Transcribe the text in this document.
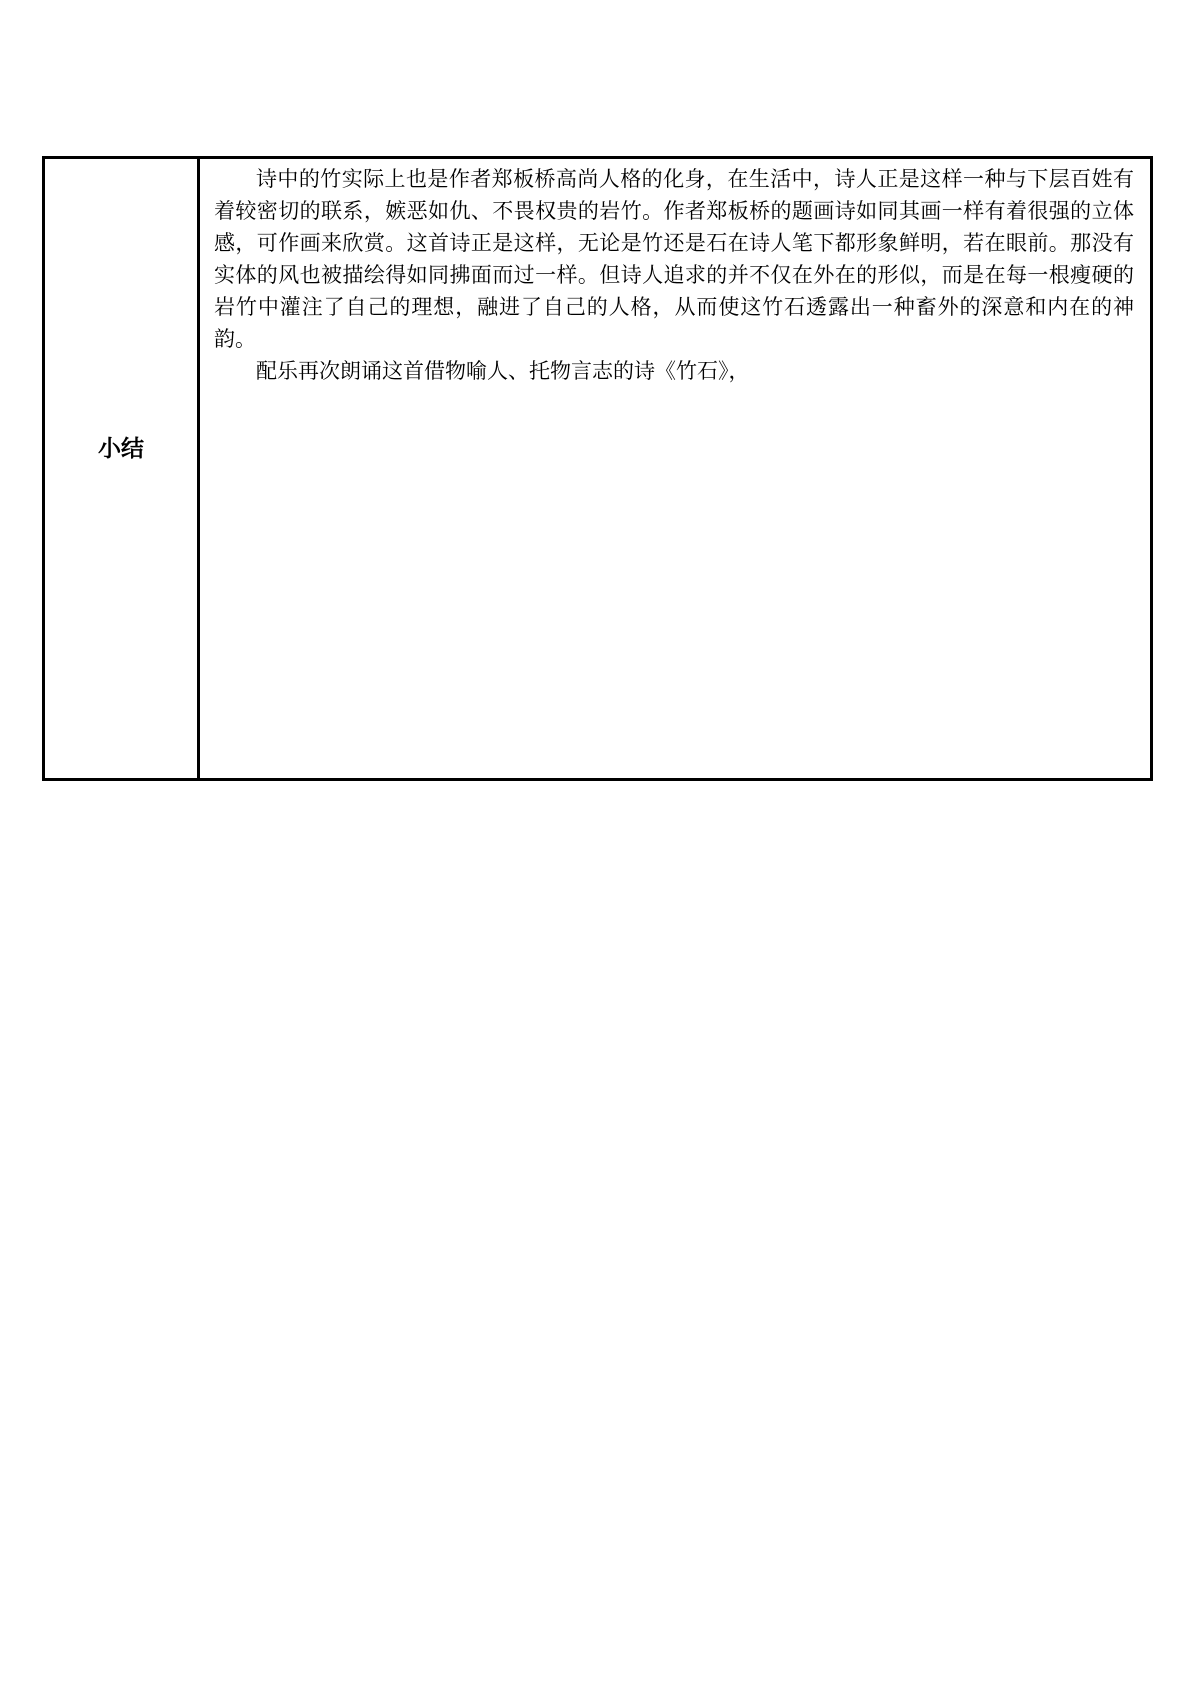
小结	

诗中的竹实际上也是作者郑板桥高尚人格的化身，在生活中，诗人正是这样一种与下层百姓有着较密切的联系，嫉恶如仇、不畏权贵的岩竹。作者郑板桥的题画诗如同其画一样有着很强的立体感，可作画来欣赏。这首诗正是这样，无论是竹还是石在诗人笔下都形象鲜明，若在眼前。那没有实体的风也被描绘得如同拂面而过一样。但诗人追求的并不仅在外在的形似，而是在每一根瘦硬的岩竹中灌注了自己的理想，融进了自己的人格，从而使这竹石透露出一种畜外的深意和内在的神韵。

配乐再次朗诵这首借物喻人、托物言志的诗《竹石》，
